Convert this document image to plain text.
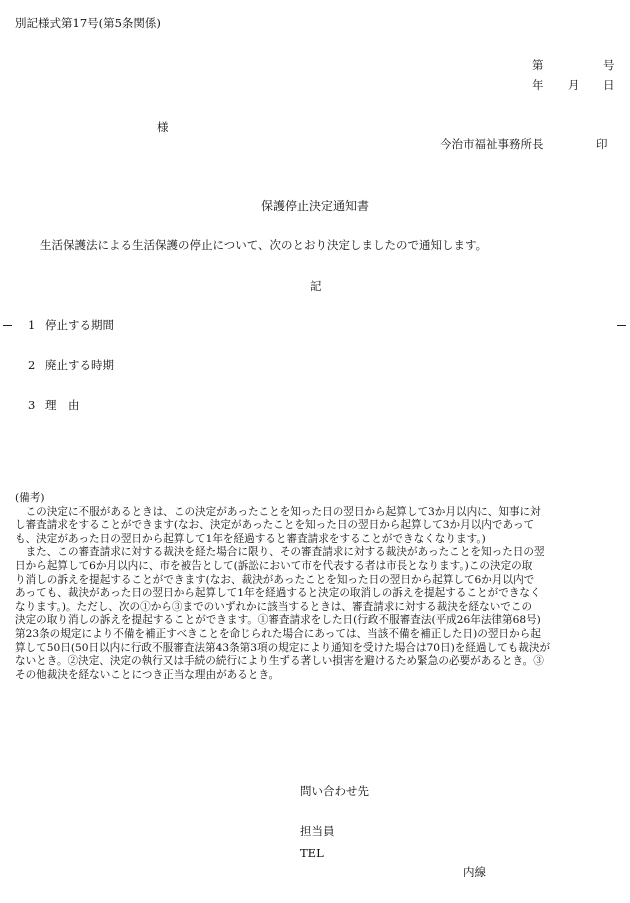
別記様式第17号(第5条関係)
第	号
年 月 日
様
今治市福祉事務所長	印
保護停止決定通知書
生活保護法による生活保護の停止について、次のとおり決定しましたので通知します。
記
1 停止する期間
2 廃止する時期
3 理　由

(備考)

この決定に不服があるときは、この決定があったことを知った日の翌日から起算して3か月以内に、知事に対
し審査請求をすることができます(なお、決定があったことを知った日の翌日から起算して3か月以内であって
も、決定があった日の翌日から起算して1年を経過すると審査請求をすることができなくなります。)

また、この審査請求に対する裁決を経た場合に限り、その審査請求に対する裁決があったことを知った日の翌
日から起算して6か月以内に、市を被告として(訴訟において市を代表する者は市長となります。)この決定の取
り消しの訴えを提起することができます(なお、裁決があったことを知った日の翌日から起算して6か月以内で
あっても、裁決があった日の翌日から起算して1年を経過すると決定の取消しの訴えを提起することができなく
なります。)。ただし、次の①から③までのいずれかに該当するときは、審査請求に対する裁決を経ないでこの
決定の取り消しの訴えを提起することができます。①審査請求をした日(行政不服審査法(平成26年法律第68号)
第23条の規定により不備を補正すべきことを命じられた場合にあっては、当該不備を補正した日)の翌日から起
算して50日(50日以内に行政不服審査法第43条第3項の規定により通知を受けた場合は70日)を経過しても裁決が
ないとき。②決定、決定の執行又は手続の続行により生ずる著しい損害を避けるため緊急の必要があるとき。③
その他裁決を経ないことにつき正当な理由があるとき。

問い合わせ先
担当員
TEL
内線
